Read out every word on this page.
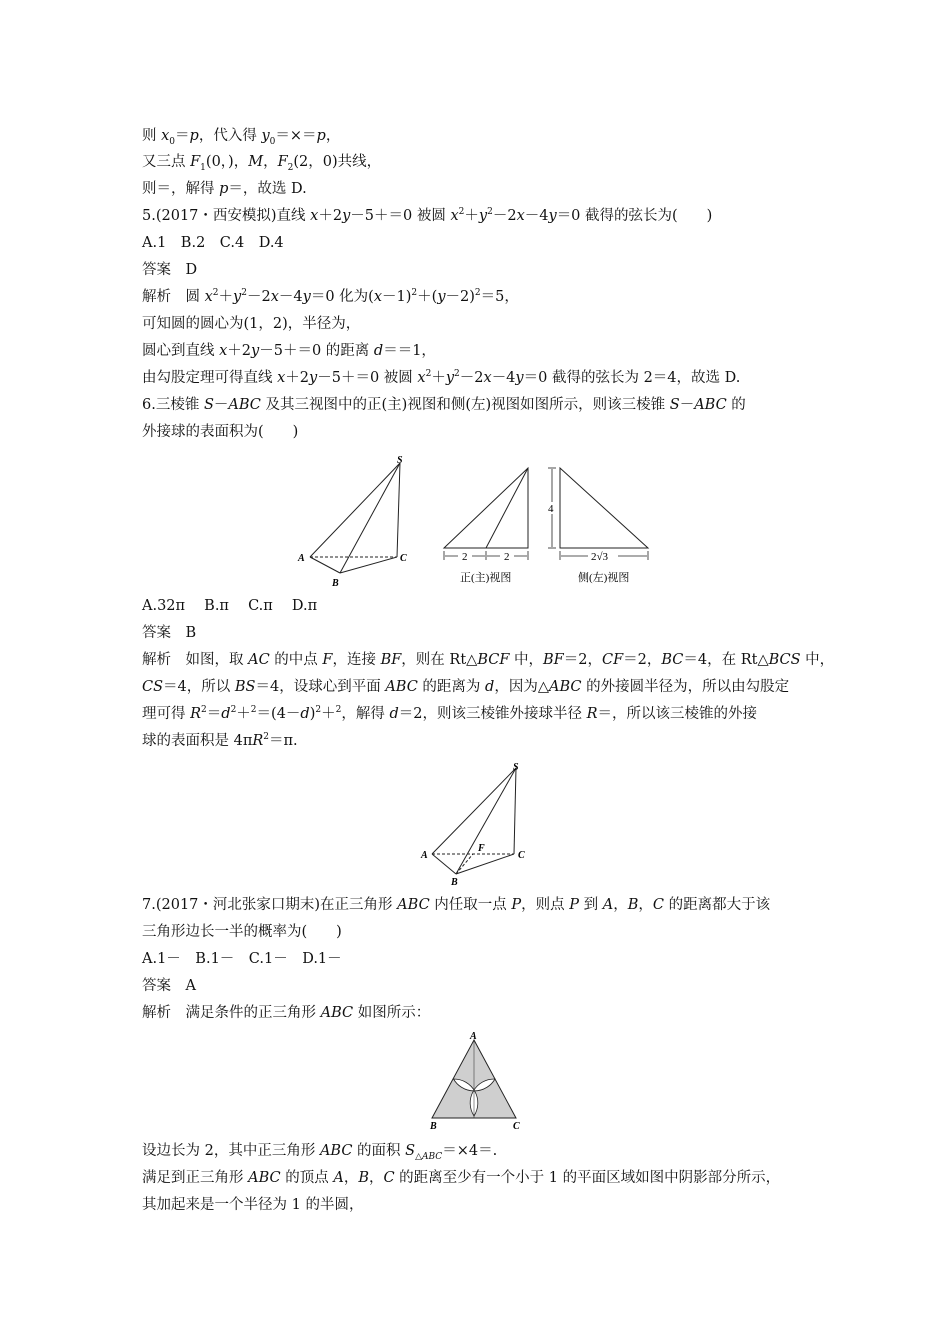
则 $x_0=p$，代入得 $y_0=\times=p$，
又三点 $F_1(0$，)，M，$F_2(2$，0)共线，
则＝，解得 p＝，故选 D.
5.(2017・西安模拟)直线 x＋2y－5＋＝0 被圆 $x^2+y^2-2x-4y=0$ 截得的弦长为(　　)
A.1　B.2　C.4　D.4
答案　D
解析　圆 $x^2+y^2-2x-4y=0$ 化为$(x-1)^2+(y-2)^2=5$，
可知圆的圆心为(1，2)，半径为，
圆心到直线 x＋2y－5＋＝0 的距离 d＝＝1，
由勾股定理可得直线 x＋2y－5＋＝0 被圆 $x^2+y^2-2x-4y=0$ 截得的弦长为 2＝4，故选 D.
6.三棱锥 S－ABC 及其三视图中的正(主)视图和侧(左)视图如图所示，则该三棱锥 S－ABC 的
外接球的表面积为(　　)
A.32π　 B.π　 C.π　 D.π
答案　B
解析　如图，取 AC 的中点 F，连接 BF，则在 Rt△BCF 中，BF＝2，CF＝2，BC＝4，在 Rt△BCS 中，
CS＝4，所以 BS＝4，设球心到平面 ABC 的距离为 d，因为△ABC 的外接圆半径为，所以由勾股定
理可得 $R^2=d^2+^2=(4-d)^2+^2$，解得 d＝2，则该三棱锥外接球半径 R＝，所以该三棱锥的外接
球的表面积是 $4\pi R^2=\pi$.
7.(2017・河北张家口期末)在正三角形 ABC 内任取一点 P，则点 P 到 A，B，C 的距离都大于该
三角形边长一半的概率为(　　)
A.1－　B.1－　C.1－　D.1－
答案　A
解析　满足条件的正三角形 ABC 如图所示：
设边长为 2，其中正三角形 ABC 的面积 $S_{\triangle ABC}=\times 4=$.
满足到正三角形 ABC 的顶点 A，B，C 的距离至少有一个小于 1 的平面区域如图中阴影部分所示，
其加起来是一个半径为 1 的半圆，
S
A
B
C	2	2
正(主)视图
4
2√3
侧(左)视图
S
A
F
B
C
A
B	C
